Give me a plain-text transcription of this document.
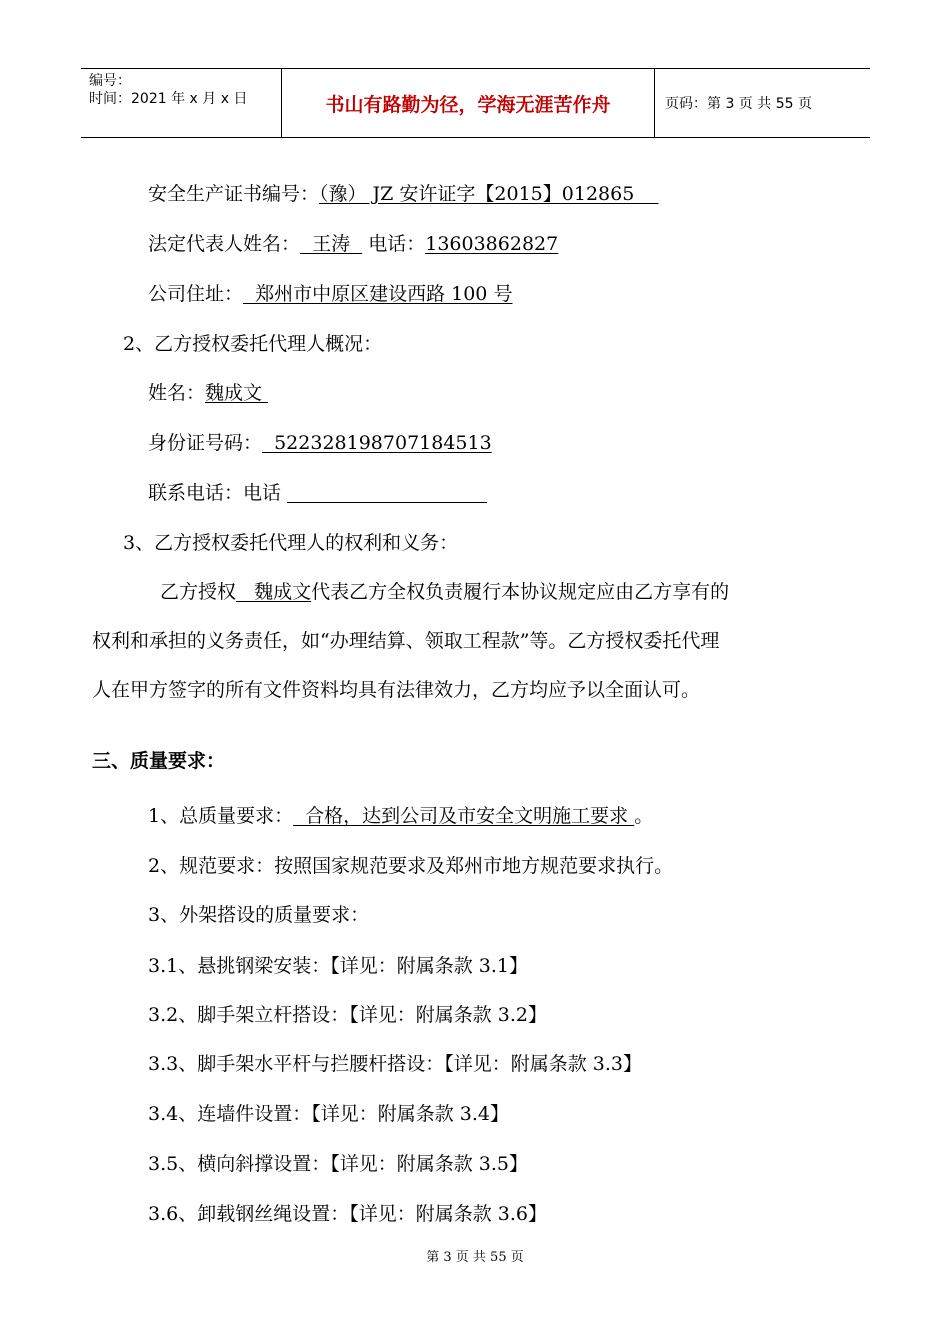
编号：
时间：2021 年 x 月 x 日	书山有路勤为径，学海无涯苦作舟	页码：第 3 页 共 55 页
安全生产证书编号：（豫） JZ 安许证字【2015】012865
法定代表人姓名：  王涛   电话：13603862827
公司住址：  郑州市中原区建设西路 100 号
2、乙方授权委托代理人概况：
姓名：魏成文
身份证号码：  522328198707184513
联系电话：电话
3、乙方授权委托代理人的权利和义务：
乙方授权   魏成文代表乙方全权负责履行本协议规定应由乙方享有的
权利和承担的义务责任，如“办理结算、领取工程款”等。乙方授权委托代理
人在甲方签字的所有文件资料均具有法律效力，乙方均应予以全面认可。
三、质量要求：
1、总质量要求：  合格，达到公司及市安全文明施工要求 。
2、规范要求：按照国家规范要求及郑州市地方规范要求执行。
3、外架搭设的质量要求：
3.1、悬挑钢梁安装：【详见：附属条款 3.1】
3.2、脚手架立杆搭设：【详见：附属条款 3.2】
3.3、脚手架水平杆与拦腰杆搭设：【详见：附属条款 3.3】
3.4、连墙件设置：【详见：附属条款 3.4】
3.5、横向斜撑设置：【详见：附属条款 3.5】
3.6、卸载钢丝绳设置：【详见：附属条款 3.6】
第 3 页 共 55 页
